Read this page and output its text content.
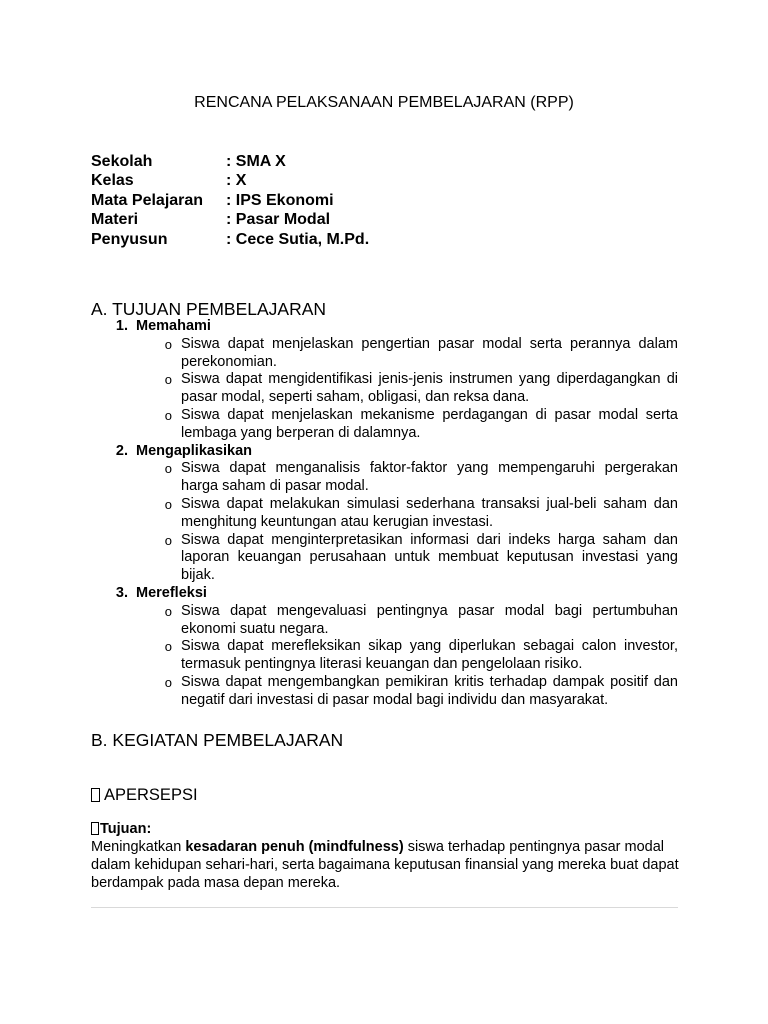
RENCANA PELAKSANAAN PEMBELAJARAN (RPP)
Sekolah	: SMA X
Kelas	: X
Mata Pelajaran	: IPS Ekonomi
Materi	: Pasar Modal
Penyusun	: Cece Sutia, M.Pd.
A. TUJUAN PEMBELAJARAN
1. Memahami
o Siswa dapat menjelaskan pengertian pasar modal serta perannya dalam perekonomian.
o Siswa dapat mengidentifikasi jenis-jenis instrumen yang diperdagangkan di pasar modal, seperti saham, obligasi, dan reksa dana.
o Siswa dapat menjelaskan mekanisme perdagangan di pasar modal serta lembaga yang berperan di dalamnya.
2. Mengaplikasikan
o Siswa dapat menganalisis faktor-faktor yang mempengaruhi pergerakan harga saham di pasar modal.
o Siswa dapat melakukan simulasi sederhana transaksi jual-beli saham dan menghitung keuntungan atau kerugian investasi.
o Siswa dapat menginterpretasikan informasi dari indeks harga saham dan laporan keuangan perusahaan untuk membuat keputusan investasi yang bijak.
3. Merefleksi
o Siswa dapat mengevaluasi pentingnya pasar modal bagi pertumbuhan ekonomi suatu negara.
o Siswa dapat merefleksikan sikap yang diperlukan sebagai calon investor, termasuk pentingnya literasi keuangan dan pengelolaan risiko.
o Siswa dapat mengembangkan pemikiran kritis terhadap dampak positif dan negatif dari investasi di pasar modal bagi individu dan masyarakat.
B. KEGIATAN PEMBELAJARAN
APERSEPSI
Tujuan:
Meningkatkan kesadaran penuh (mindfulness) siswa terhadap pentingnya pasar modal dalam kehidupan sehari-hari, serta bagaimana keputusan finansial yang mereka buat dapat berdampak pada masa depan mereka.
